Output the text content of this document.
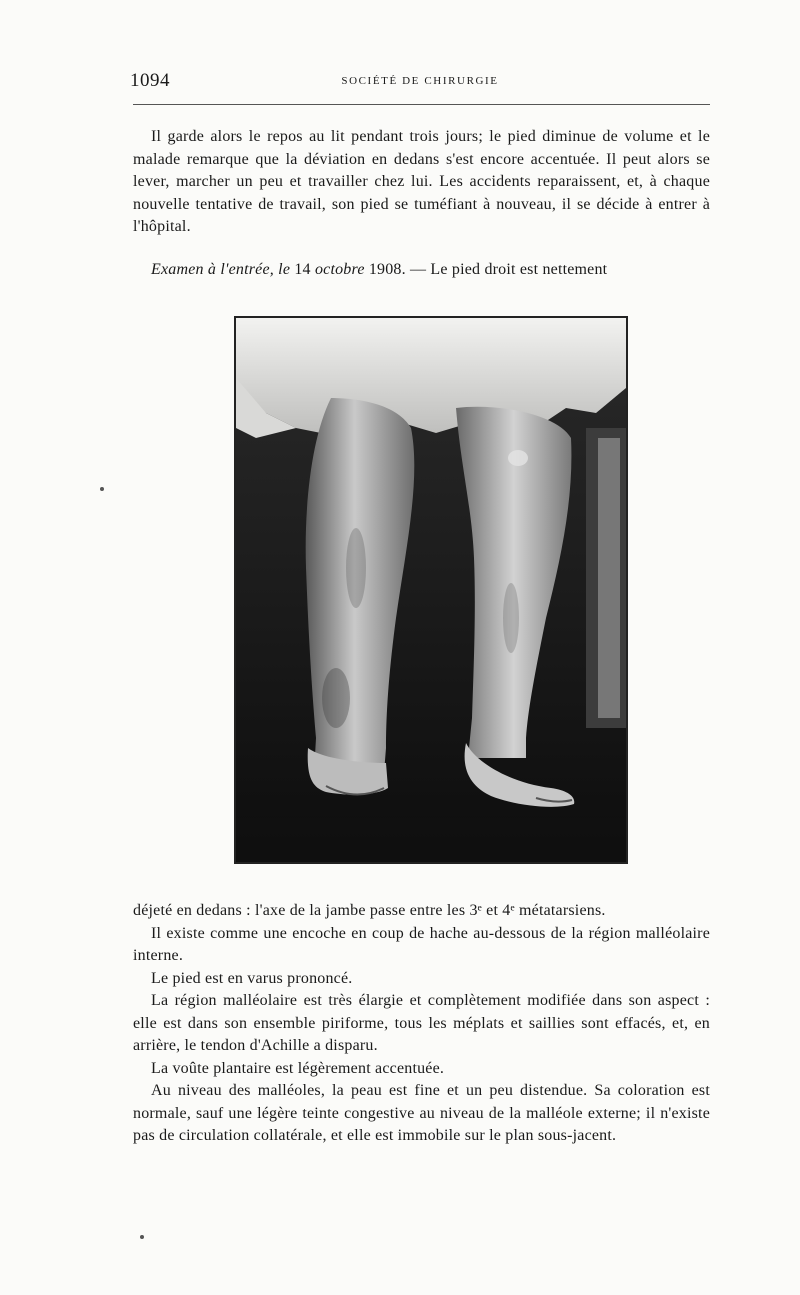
1094	SOCIÉTÉ DE CHIRURGIE

Il garde alors le repos au lit pendant trois jours; le pied diminue de volume et le malade remarque que la déviation en dedans s'est encore accentuée. Il peut alors se lever, marcher un peu et travailler chez lui. Les accidents reparaissent, et, à chaque nouvelle tentative de travail, son pied se tuméfiant à nouveau, il se décide à entrer à l'hôpital.

Examen à l'entrée, le 14 octobre 1908. — Le pied droit est nettement

déjeté en dedans : l'axe de la jambe passe entre les 3ᵉ et 4ᵉ métatarsiens.

Il existe comme une encoche en coup de hache au-dessous de la région malléolaire interne.

Le pied est en varus prononcé.

La région malléolaire est très élargie et complètement modifiée dans son aspect : elle est dans son ensemble piriforme, tous les méplats et saillies sont effacés, et, en arrière, le tendon d'Achille a disparu.

La voûte plantaire est légèrement accentuée.

Au niveau des malléoles, la peau est fine et un peu distendue. Sa coloration est normale, sauf une légère teinte congestive au niveau de la malléole externe; il n'existe pas de circulation collatérale, et elle est immobile sur le plan sous-jacent.
